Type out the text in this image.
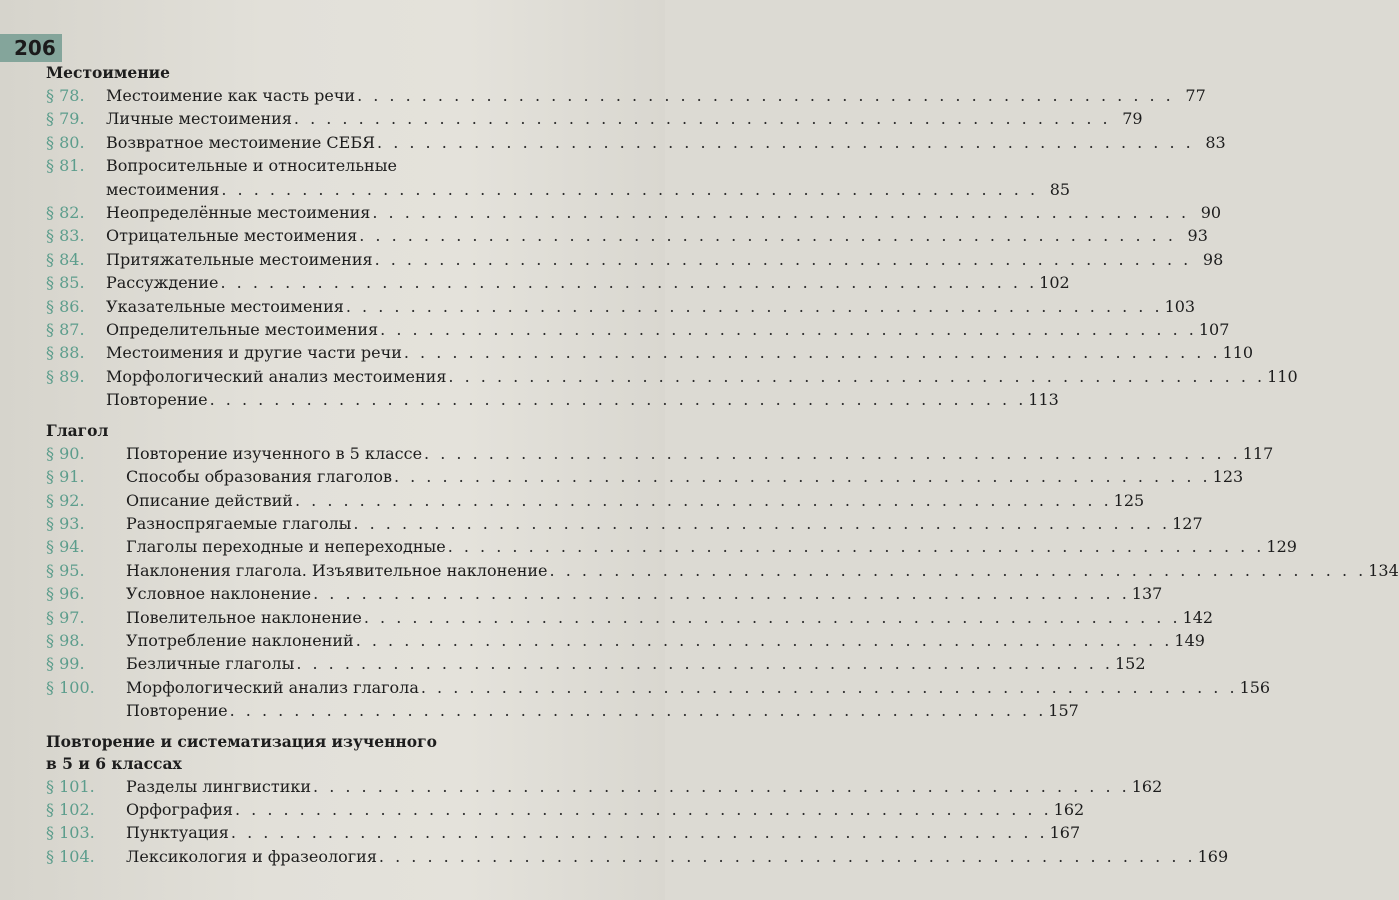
206
Местоимение
§ 78.	Местоимение как часть речи . . . . . . . . . . . . . . . . . . . . . . . . . . . . . . . . . . . . . . . . . . . . . . . . . . . 77
§ 79.	Личные местоимения . . . . . . . . . . . . . . . . . . . . . . . . . . . . . . . . . . . . . . . . . . . . . . . . . . . 79
§ 80.	Возвратное местоимение СЕБЯ . . . . . . . . . . . . . . . . . . . . . . . . . . . . . . . . . . . . . . . . . . . . . . . . . . . 83
§ 81.	Вопросительные и относительные
местоимения . . . . . . . . . . . . . . . . . . . . . . . . . . . . . . . . . . . . . . . . . . . . . . . . . . . 85
§ 82.	Неопределённые местоимения . . . . . . . . . . . . . . . . . . . . . . . . . . . . . . . . . . . . . . . . . . . . . . . . . . . 90
§ 83.	Отрицательные местоимения . . . . . . . . . . . . . . . . . . . . . . . . . . . . . . . . . . . . . . . . . . . . . . . . . . . 93
§ 84.	Притяжательные местоимения . . . . . . . . . . . . . . . . . . . . . . . . . . . . . . . . . . . . . . . . . . . . . . . . . . . 98
§ 85.	Рассуждение . . . . . . . . . . . . . . . . . . . . . . . . . . . . . . . . . . . . . . . . . . . . . . . . . . . 102
§ 86.	Указательные местоимения . . . . . . . . . . . . . . . . . . . . . . . . . . . . . . . . . . . . . . . . . . . . . . . . . . . 103
§ 87.	Определительные местоимения . . . . . . . . . . . . . . . . . . . . . . . . . . . . . . . . . . . . . . . . . . . . . . . . . . . 107
§ 88.	Местоимения и другие части речи . . . . . . . . . . . . . . . . . . . . . . . . . . . . . . . . . . . . . . . . . . . . . . . . . . . 110
§ 89.	Морфологический анализ местоимения . . . . . . . . . . . . . . . . . . . . . . . . . . . . . . . . . . . . . . . . . . . . . . . . . . . 110
Повторение . . . . . . . . . . . . . . . . . . . . . . . . . . . . . . . . . . . . . . . . . . . . . . . . . . . 113
Глагол
§ 90.	Повторение изученного в 5 классе . . . . . . . . . . . . . . . . . . . . . . . . . . . . . . . . . . . . . . . . . . . . . . . . . . . 117
§ 91.	Способы образования глаголов . . . . . . . . . . . . . . . . . . . . . . . . . . . . . . . . . . . . . . . . . . . . . . . . . . . 123
§ 92.	Описание действий . . . . . . . . . . . . . . . . . . . . . . . . . . . . . . . . . . . . . . . . . . . . . . . . . . . 125
§ 93.	Разноспрягаемые глаголы . . . . . . . . . . . . . . . . . . . . . . . . . . . . . . . . . . . . . . . . . . . . . . . . . . . 127
§ 94.	Глаголы переходные и непереходные . . . . . . . . . . . . . . . . . . . . . . . . . . . . . . . . . . . . . . . . . . . . . . . . . . . 129
§ 95.	Наклонения глагола. Изъявительное наклонение . . . . . . . . . . . . . . . . . . . . . . . . . . . . . . . . . . . . . . . . . . . . . . . . . . . 134
§ 96.	Условное наклонение . . . . . . . . . . . . . . . . . . . . . . . . . . . . . . . . . . . . . . . . . . . . . . . . . . . 137
§ 97.	Повелительное наклонение . . . . . . . . . . . . . . . . . . . . . . . . . . . . . . . . . . . . . . . . . . . . . . . . . . . 142
§ 98.	Употребление наклонений . . . . . . . . . . . . . . . . . . . . . . . . . . . . . . . . . . . . . . . . . . . . . . . . . . . 149
§ 99.	Безличные глаголы . . . . . . . . . . . . . . . . . . . . . . . . . . . . . . . . . . . . . . . . . . . . . . . . . . . 152
§ 100.	Морфологический анализ глагола . . . . . . . . . . . . . . . . . . . . . . . . . . . . . . . . . . . . . . . . . . . . . . . . . . . 156
Повторение . . . . . . . . . . . . . . . . . . . . . . . . . . . . . . . . . . . . . . . . . . . . . . . . . . . 157
Повторение и систематизация изученного
в 5 и 6 классах
§ 101.	Разделы лингвистики . . . . . . . . . . . . . . . . . . . . . . . . . . . . . . . . . . . . . . . . . . . . . . . . . . . 162
§ 102.	Орфография . . . . . . . . . . . . . . . . . . . . . . . . . . . . . . . . . . . . . . . . . . . . . . . . . . . 162
§ 103.	Пунктуация . . . . . . . . . . . . . . . . . . . . . . . . . . . . . . . . . . . . . . . . . . . . . . . . . . . 167
§ 104.	Лексикология и фразеология . . . . . . . . . . . . . . . . . . . . . . . . . . . . . . . . . . . . . . . . . . . . . . . . . . . 169
